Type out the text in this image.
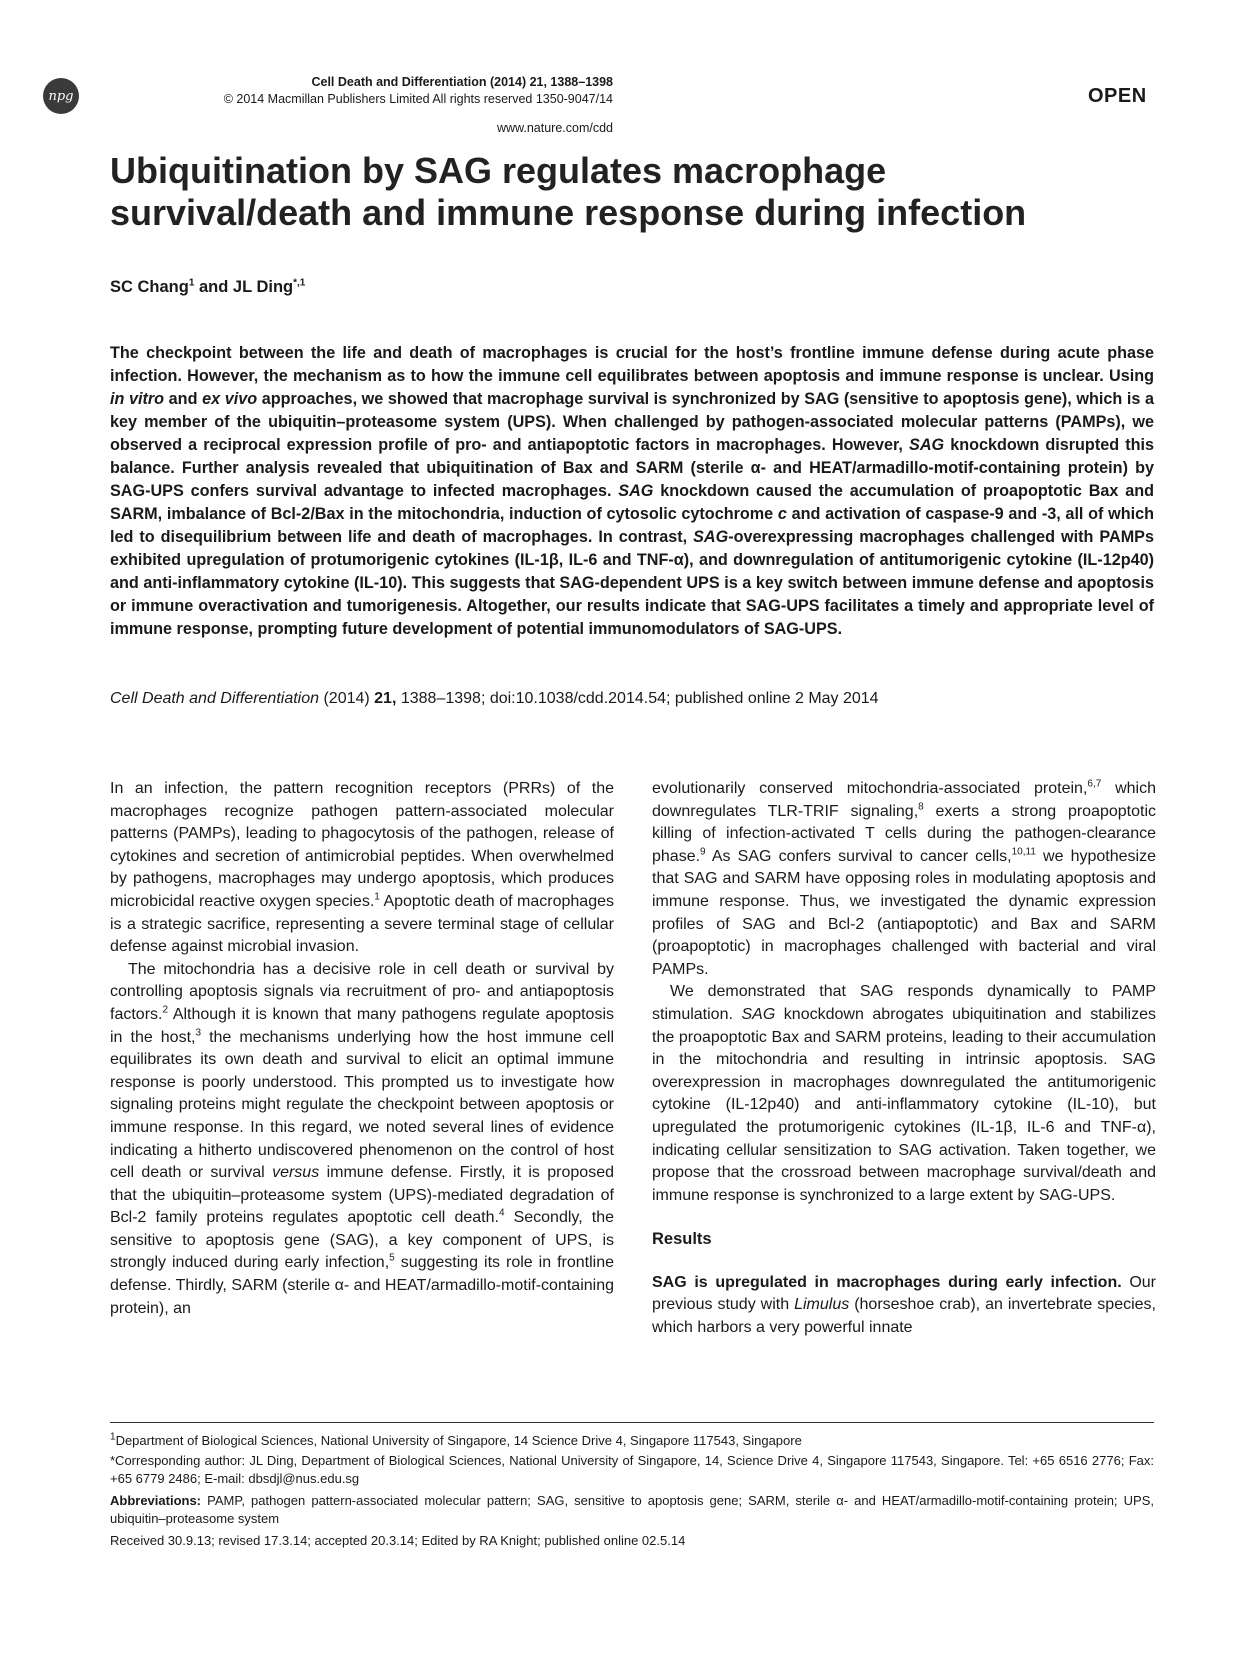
npg
Cell Death and Differentiation (2014) 21, 1388–1398
© 2014 Macmillan Publishers Limited All rights reserved 1350-9047/14
www.nature.com/cdd
OPEN
Ubiquitination by SAG regulates macrophage
survival/death and immune response during infection
SC Chang$^1$ and JL Ding$^{*,1}$
The checkpoint between the life and death of macrophages is crucial for the host’s frontline immune defense during acute phase infection. However, the mechanism as to how the immune cell equilibrates between apoptosis and immune response is unclear. Using in vitro and ex vivo approaches, we showed that macrophage survival is synchronized by SAG (sensitive to apoptosis gene), which is a key member of the ubiquitin–proteasome system (UPS). When challenged by pathogen-associated molecular patterns (PAMPs), we observed a reciprocal expression profile of pro- and antiapoptotic factors in macrophages. However, SAG knockdown disrupted this balance. Further analysis revealed that ubiquitination of Bax and SARM (sterile α- and HEAT/armadillo-motif-containing protein) by SAG-UPS confers survival advantage to infected macrophages. SAG knockdown caused the accumulation of proapoptotic Bax and SARM, imbalance of Bcl-2/Bax in the mitochondria, induction of cytosolic cytochrome c and activation of caspase-9 and -3, all of which led to disequilibrium between life and death of macrophages. In contrast, SAG-overexpressing macrophages challenged with PAMPs exhibited upregulation of protumorigenic cytokines (IL-1β, IL-6 and TNF-α), and downregulation of antitumorigenic cytokine (IL-12p40) and anti-inflammatory cytokine (IL-10). This suggests that SAG-dependent UPS is a key switch between immune defense and apoptosis or immune overactivation and tumorigenesis. Altogether, our results indicate that SAG-UPS facilitates a timely and appropriate level of immune response, prompting future development of potential immunomodulators of SAG-UPS.
Cell Death and Differentiation (2014) 21, 1388–1398; doi:10.1038/cdd.2014.54; published online 2 May 2014

In an infection, the pattern recognition receptors (PRRs) of the macrophages recognize pathogen pattern-associated molecular patterns (PAMPs), leading to phagocytosis of the pathogen, release of cytokines and secretion of antimicrobial peptides. When overwhelmed by pathogens, macrophages may undergo apoptosis, which produces microbicidal reactive oxygen species.$^1$ Apoptotic death of macrophages is a strategic sacrifice, representing a severe terminal stage of cellular defense against microbial invasion.

The mitochondria has a decisive role in cell death or survival by controlling apoptosis signals via recruitment of pro- and antiapoptosis factors.$^2$ Although it is known that many pathogens regulate apoptosis in the host,$^3$ the mechanisms underlying how the host immune cell equilibrates its own death and survival to elicit an optimal immune response is poorly understood. This prompted us to investigate how signaling proteins might regulate the checkpoint between apoptosis or immune response. In this regard, we noted several lines of evidence indicating a hitherto undiscovered phenomenon on the control of host cell death or survival versus immune defense. Firstly, it is proposed that the ubiquitin–proteasome system (UPS)-mediated degradation of Bcl-2 family proteins regulates apoptotic cell death.$^4$ Secondly, the sensitive to apoptosis gene (SAG), a key component of UPS, is strongly induced during early infection,$^5$ suggesting its role in frontline defense. Thirdly, SARM (sterile α- and HEAT/armadillo-motif-containing protein), an

evolutionarily conserved mitochondria-associated protein,$^{6,7}$ which downregulates TLR-TRIF signaling,$^8$ exerts a strong proapoptotic killing of infection-activated T cells during the pathogen-clearance phase.$^9$ As SAG confers survival to cancer cells,$^{10,11}$ we hypothesize that SAG and SARM have opposing roles in modulating apoptosis and immune response. Thus, we investigated the dynamic expression profiles of SAG and Bcl-2 (antiapoptotic) and Bax and SARM (proapoptotic) in macrophages challenged with bacterial and viral PAMPs.

We demonstrated that SAG responds dynamically to PAMP stimulation. SAG knockdown abrogates ubiquitination and stabilizes the proapoptotic Bax and SARM proteins, leading to their accumulation in the mitochondria and resulting in intrinsic apoptosis. SAG overexpression in macrophages downregulated the antitumorigenic cytokine (IL-12p40) and anti-inflammatory cytokine (IL-10), but upregulated the protumorigenic cytokines (IL-1β, IL-6 and TNF-α), indicating cellular sensitization to SAG activation. Taken together, we propose that the crossroad between macrophage survival/death and immune response is synchronized to a large extent by SAG-UPS.

Results

SAG is upregulated in macrophages during early infection. Our previous study with Limulus (horseshoe crab), an invertebrate species, which harbors a very powerful innate

$^1$Department of Biological Sciences, National University of Singapore, 14 Science Drive 4, Singapore 117543, Singapore
*Corresponding author: JL Ding, Department of Biological Sciences, National University of Singapore, 14, Science Drive 4, Singapore 117543, Singapore. Tel: +65 6516 2776; Fax: +65 6779 2486; E-mail: dbsdjl@nus.edu.sg
Abbreviations: PAMP, pathogen pattern-associated molecular pattern; SAG, sensitive to apoptosis gene; SARM, sterile α- and HEAT/armadillo-motif-containing protein; UPS, ubiquitin–proteasome system
Received 30.9.13; revised 17.3.14; accepted 20.3.14; Edited by RA Knight; published online 02.5.14
